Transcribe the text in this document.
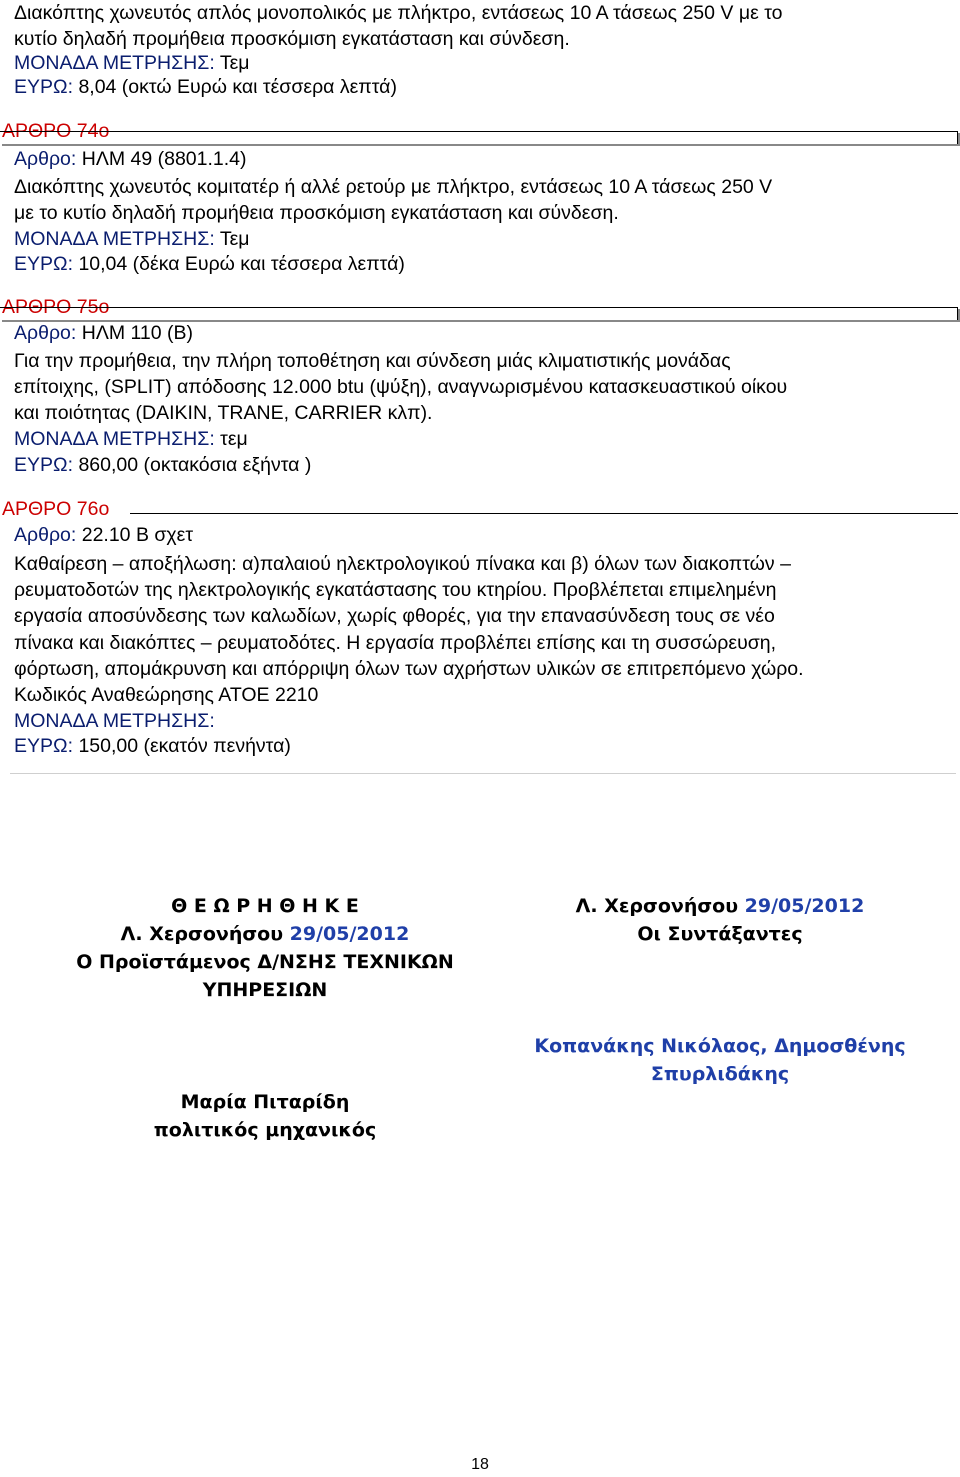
Διακόπτης χωνευτός απλός μονοπολικός με πλήκτρο, εντάσεως 10 Α τάσεως 250 V με το
κυτίο δηλαδή προμήθεια προσκόμιση εγκατάσταση και σύνδεση.
ΜΟΝΑΔΑ ΜΕΤΡΗΣΗΣ: Τεμ
ΕΥΡΩ: 8,04 (οκτώ Ευρώ και τέσσερα λεπτά)
ΑΡΘΡΟ 74ο
Αρθρο: ΗΛΜ 49 (8801.1.4)
Διακόπτης χωνευτός κομιτατέρ ή αλλέ ρετούρ με πλήκτρο, εντάσεως 10 Α τάσεως 250 V
με το κυτίο δηλαδή προμήθεια προσκόμιση εγκατάσταση και σύνδεση.
ΜΟΝΑΔΑ ΜΕΤΡΗΣΗΣ: Τεμ
ΕΥΡΩ: 10,04 (δέκα Ευρώ και τέσσερα λεπτά)
ΑΡΘΡΟ 75ο
Αρθρο: ΗΛΜ 110 (Β)
Για την προμήθεια, την πλήρη τοποθέτηση και σύνδεση μιάς κλιματιστικής μονάδας
επίτοιχης, (SPLIT) απόδοσης 12.000 btu (ψύξη), αναγνωρισμένου κατασκευαστικού οίκου
και ποιότητας (DAIKIN, TRANE, CARRIER κλπ).
ΜΟΝΑΔΑ ΜΕΤΡΗΣΗΣ: τεμ
ΕΥΡΩ: 860,00 (οκτακόσια εξήντα )
ΑΡΘΡΟ 76ο
Αρθρο: 22.10 Β σχετ
Καθαίρεση – αποξήλωση: α)παλαιού ηλεκτρολογικού πίνακα και β) όλων των διακοπτών –
ρευματοδοτών της ηλεκτρολογικής εγκατάστασης του κτηρίου. Προβλέπεται επιμελημένη
εργασία αποσύνδεσης των καλωδίων, χωρίς φθορές, για την επανασύνδεση τους σε νέο
πίνακα και διακόπτες – ρευματοδότες. Η εργασία προβλέπει επίσης και τη συσσώρευση,
φόρτωση, απομάκρυνση και απόρριψη όλων των αχρήστων υλικών σε επιτρεπόμενο χώρο.
Κωδικός Αναθεώρησης ΑΤΟΕ 2210
ΜΟΝΑΔΑ ΜΕΤΡΗΣΗΣ:
ΕΥΡΩ: 150,00 (εκατόν πενήντα)
Θ Ε Ω Ρ Η Θ Η Κ Ε
Λ. Χερσονήσου 29/05/2012
Ο Προϊστάμενος Δ/ΝΣΗΣ ΤΕΧΝΙΚΩΝ
ΥΠΗΡΕΣΙΩΝ
Μαρία Πιταρίδη
πολιτικός μηχανικός
Λ. Χερσονήσου 29/05/2012
Οι Συντάξαντες
Κοπανάκης Νικόλαος, Δημοσθένης
Σπυρλιδάκης
18
